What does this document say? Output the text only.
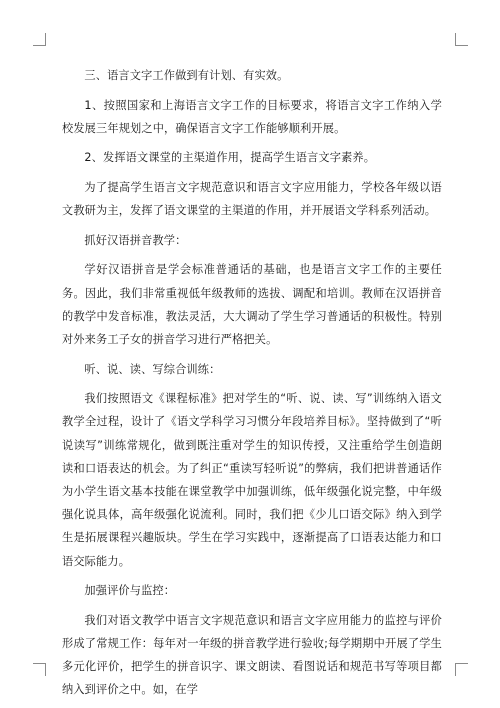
三、语言文字工作做到有计划、有实效。

1、按照国家和上海语言文字工作的目标要求，将语言文字工作纳入学校发展三年规划之中，确保语言文字工作能够顺利开展。

2、发挥语文课堂的主渠道作用，提高学生语言文字素养。

为了提高学生语言文字规范意识和语言文字应用能力，学校各年级以语文教研为主，发挥了语文课堂的主渠道的作用，并开展语文学科系列活动。

抓好汉语拼音教学：

学好汉语拼音是学会标准普通话的基础，也是语言文字工作的主要任务。因此，我们非常重视低年级教师的选拔、调配和培训。教师在汉语拼音的教学中发音标准，教法灵活，大大调动了学生学习普通话的积极性。特别对外来务工子女的拼音学习进行严格把关。

听、说、读、写综合训练：

我们按照语文《课程标准》把对学生的“听、说、读、写”训练纳入语文教学全过程，设计了《语文学科学习习惯分年段培养目标》。坚持做到了“听说读写”训练常规化，做到既注重对学生的知识传授，又注重给学生创造朗读和口语表达的机会。为了纠正“重读写轻听说”的弊病，我们把讲普通话作为小学生语文基本技能在课堂教学中加强训练，低年级强化说完整，中年级强化说具体，高年级强化说流利。同时，我们把《少儿口语交际》纳入到学生是拓展课程兴趣版块。学生在学习实践中，逐渐提高了口语表达能力和口语交际能力。

加强评价与监控：

我们对语文教学中语言文字规范意识和语言文字应用能力的监控与评价形成了常规工作：每年对一年级的拼音教学进行验收;每学期期中开展了学生多元化评价，把学生的拼音识字、课文朗读、看图说话和规范书写等项目都纳入到评价之中。如，在学
